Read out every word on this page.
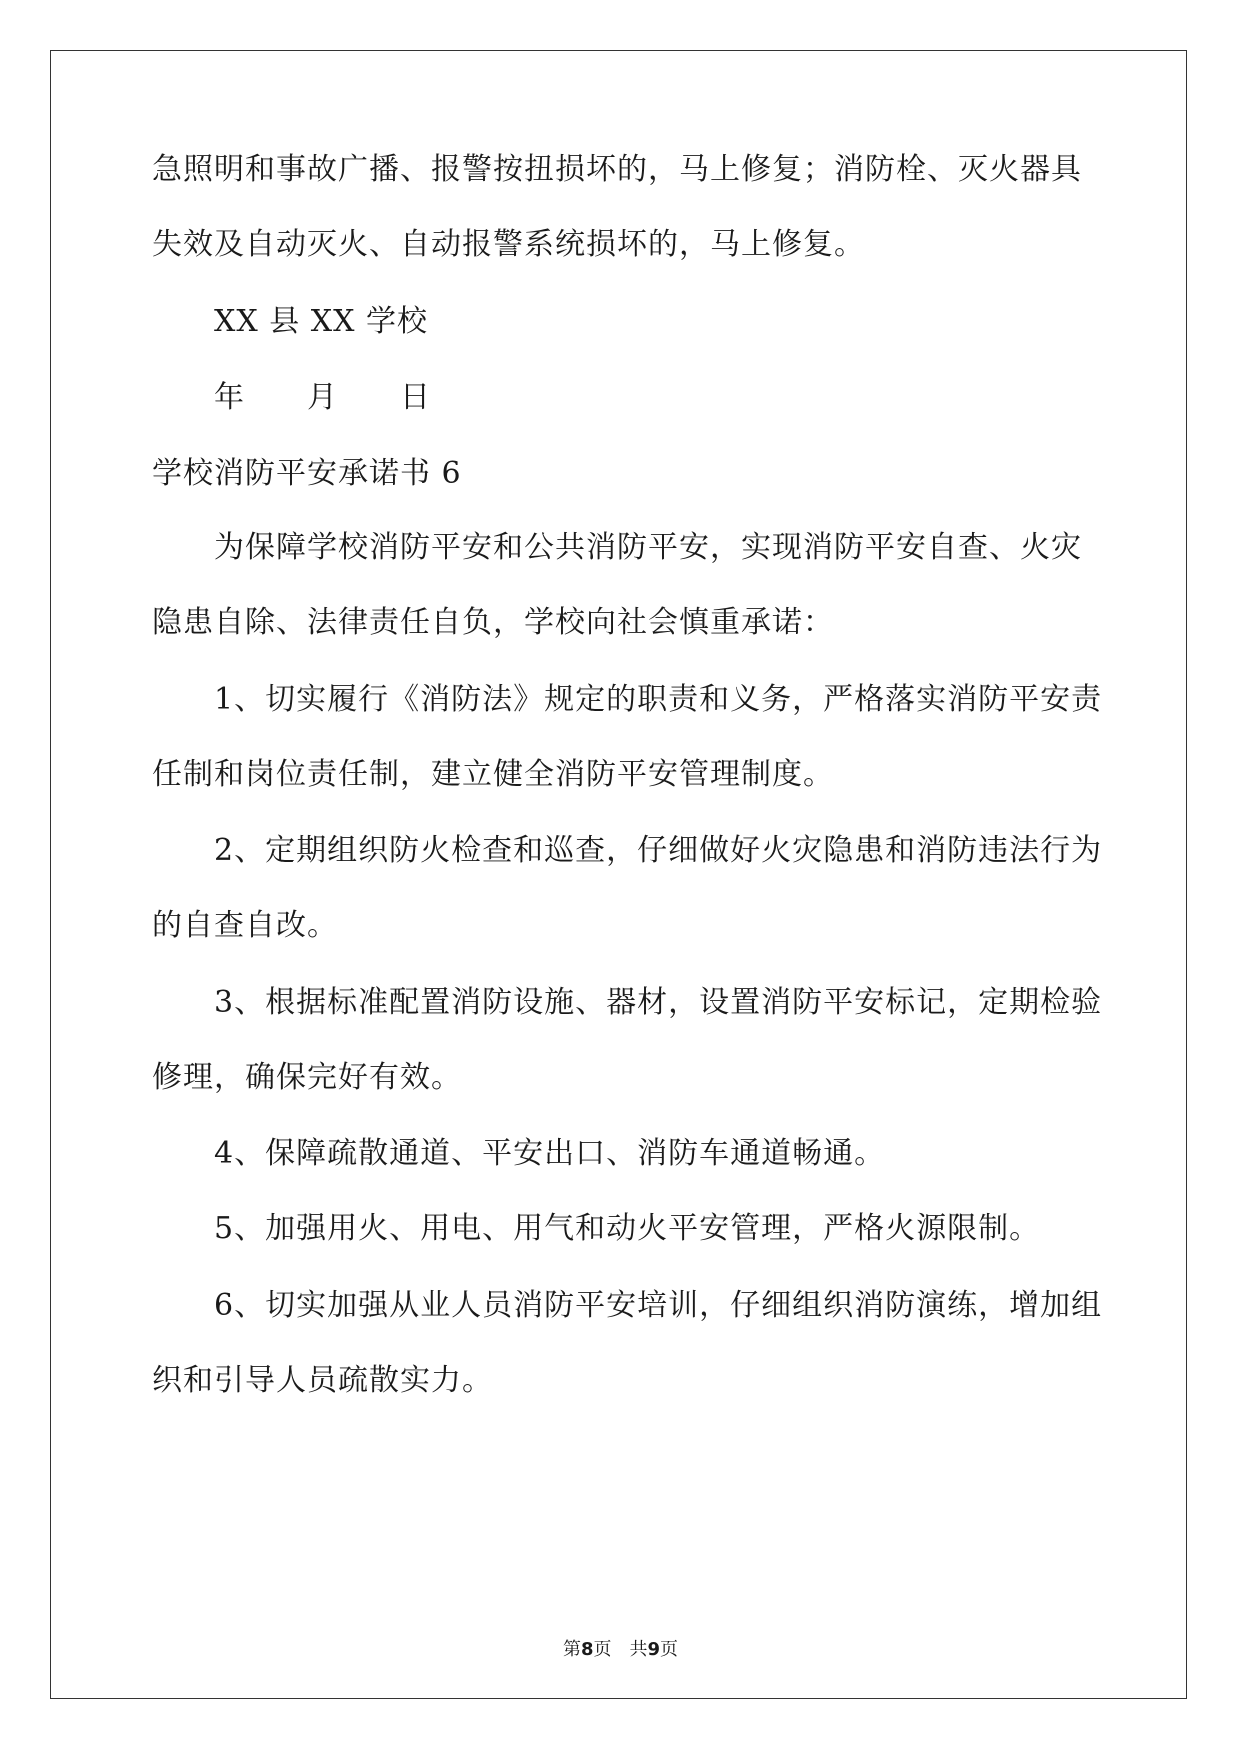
急照明和事故广播、报警按扭损坏的，马上修复；消防栓、灭火器具
失效及自动灭火、自动报警系统损坏的，马上修复。
XX 县 XX 学校
年　　月　　日
学校消防平安承诺书 6
为保障学校消防平安和公共消防平安，实现消防平安自查、火灾
隐患自除、法律责任自负，学校向社会慎重承诺：
1、切实履行《消防法》规定的职责和义务，严格落实消防平安责
任制和岗位责任制，建立健全消防平安管理制度。
2、定期组织防火检查和巡查，仔细做好火灾隐患和消防违法行为
的自查自改。
3、根据标准配置消防设施、器材，设置消防平安标记，定期检验
修理，确保完好有效。
4、保障疏散通道、平安出口、消防车通道畅通。
5、加强用火、用电、用气和动火平安管理，严格火源限制。
6、切实加强从业人员消防平安培训，仔细组织消防演练，增加组
织和引导人员疏散实力。
第8页 共9页
